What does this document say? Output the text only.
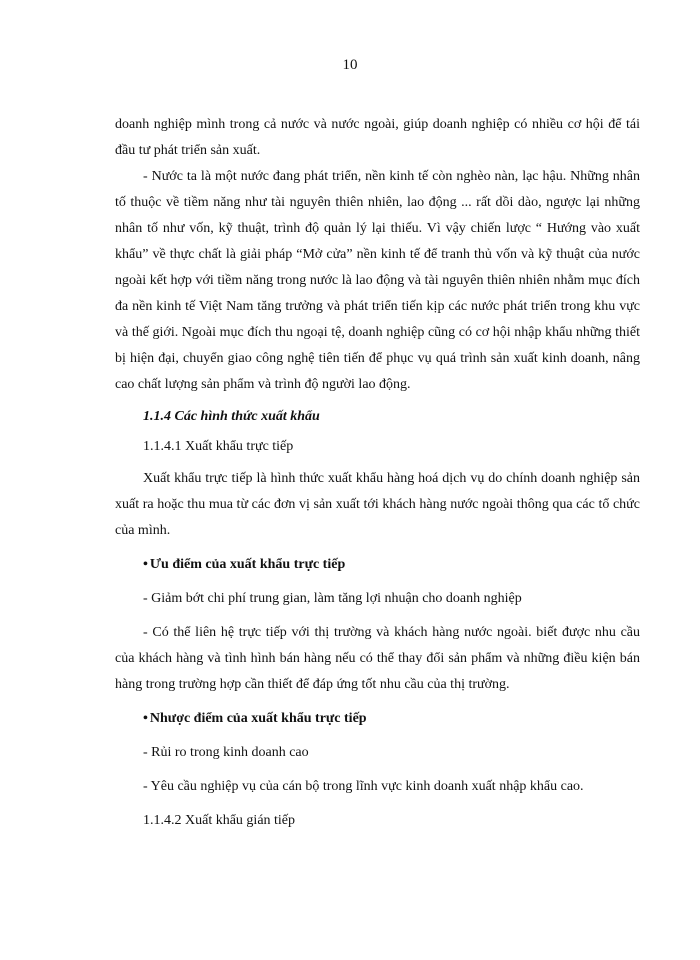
10

doanh nghiệp mình trong cả nước và nước ngoài, giúp doanh nghiệp có nhiều cơ hội để tái đầu tư phát triển sản xuất.

- Nước ta là một nước đang phát triển, nền kinh tế còn nghèo nàn, lạc hậu. Những nhân tố thuộc về tiềm năng như tài nguyên thiên nhiên, lao động ... rất dồi dào, ngược lại những nhân tố như vốn, kỹ thuật, trình độ quản lý lại thiếu. Vì vậy chiến lược “ Hướng vào xuất khẩu” về thực chất là giải pháp “Mở cửa” nền kinh tế để tranh thủ vốn và kỹ thuật của nước ngoài kết hợp với tiềm năng trong nước là lao động và tài nguyên thiên nhiên nhằm mục đích đa nền kinh tế Việt Nam tăng trưởng và phát triển tiến kịp các nước phát triển trong khu vực và thế giới. Ngoài mục đích thu ngoại tệ, doanh nghiệp cũng có cơ hội nhập khẩu những thiết bị hiện đại, chuyển giao công nghệ tiên tiến để phục vụ quá trình sản xuất kinh doanh, nâng cao chất lượng sản phẩm và trình độ người lao động.

1.1.4 Các hình thức xuất khẩu

1.1.4.1 Xuất khẩu trực tiếp

Xuất khẩu trực tiếp là hình thức xuất khẩu hàng hoá dịch vụ do chính doanh nghiệp sản xuất ra hoặc thu mua từ các đơn vị sản xuất tới khách hàng nước ngoài thông qua các tổ chức của mình.

• Ưu điểm của xuất khẩu trực tiếp

- Giảm bớt chi phí trung gian, làm tăng lợi nhuận cho doanh nghiệp

- Có thể liên hệ trực tiếp với thị trường và khách hàng nước ngoài. biết được nhu cầu của khách hàng và tình hình bán hàng nếu có thể thay đổi sản phẩm và những điều kiện bán hàng trong trường hợp cần thiết để đáp ứng tốt nhu cầu của thị trường.

• Nhược điểm của xuất khẩu trực tiếp

- Rủi ro trong kinh doanh cao

- Yêu cầu nghiệp vụ của cán bộ trong lĩnh vực kinh doanh xuất nhập khẩu cao.

1.1.4.2 Xuất khẩu gián tiếp
